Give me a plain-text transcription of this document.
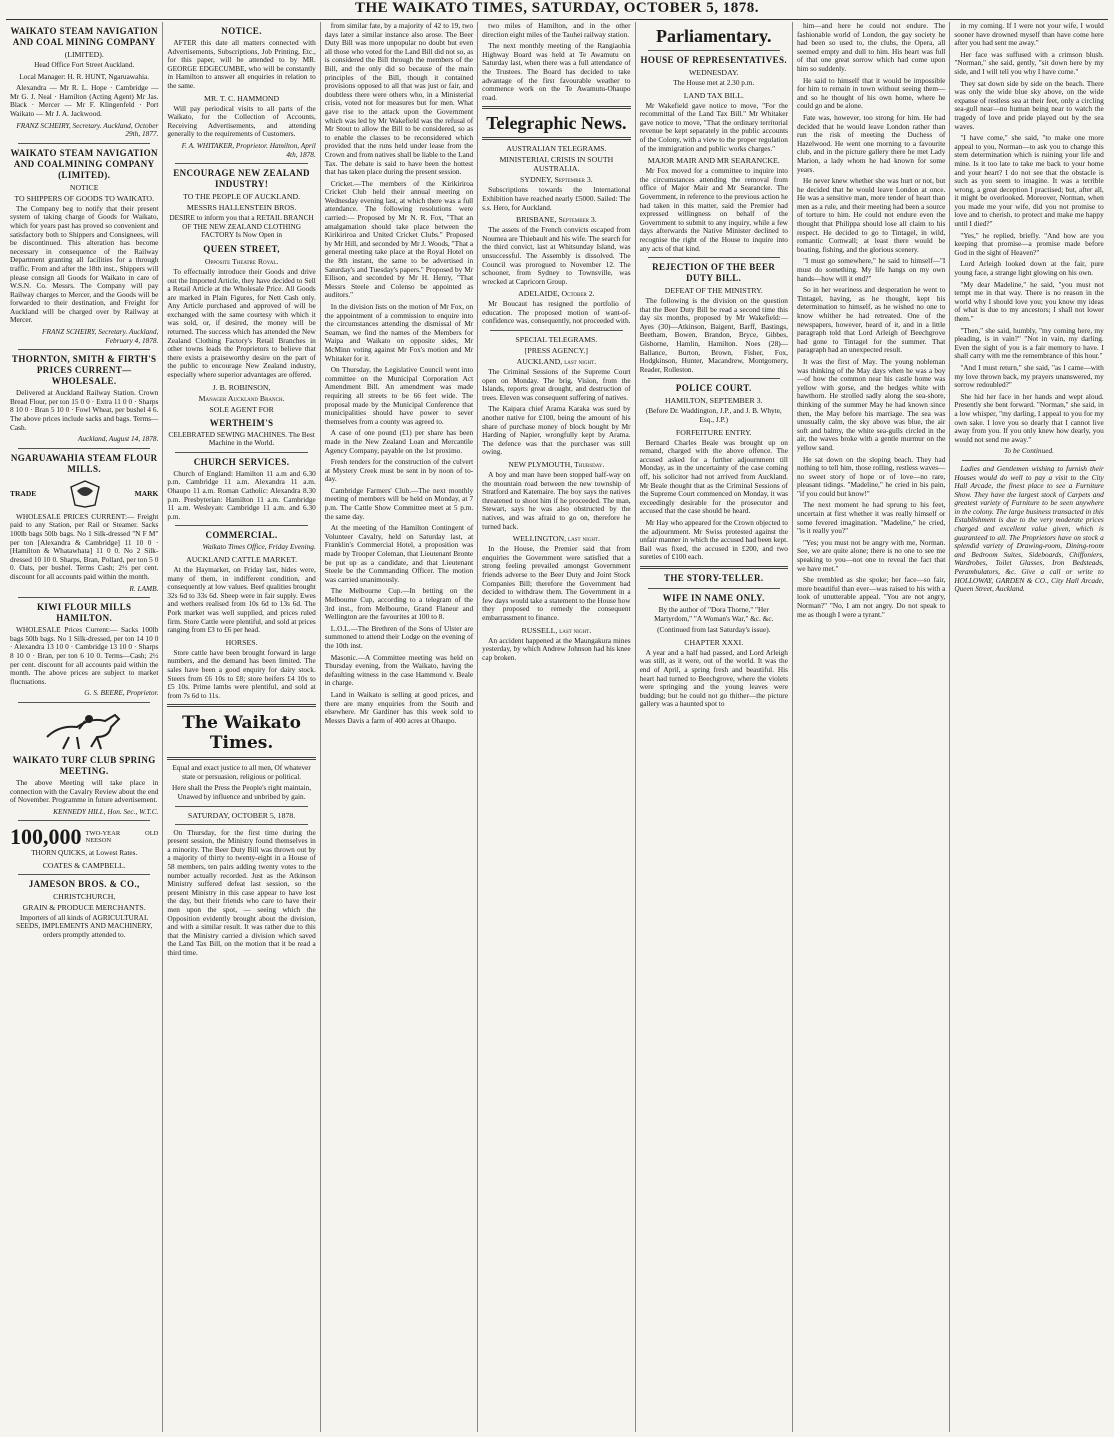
THE WAIKATO TIMES, SATURDAY, OCTOBER 5, 1878.
WAIKATO STEAM NAVIGATION AND COAL MINING COMPANY
(LIMITED).

Head Office Fort Street Auckland.

Local Manager: H. R. HUNT, Ngaruawahia.

Alexandra — Mr R. L. Hope · Cambridge — Mr G. J. Neal · Hamilton (Acting Agent) Mr Jas. Black · Mercer — Mr F. Klingenfeld · Port Waikato — Mr J. A. Jackwood.

FRANZ SCHEIRY, Secretary. Auckland, October 29th, 1877.

WAIKATO STEAM NAVIGATION AND COALMINING COMPANY (LIMITED).
NOTICE
TO SHIPPERS OF GOODS TO WAIKATO.

The Company beg to notify that their present system of taking charge of Goods for Waikato, which for years past has proved so convenient and satisfactory both to Shippers and Consignees, will be discontinued. This alteration has become necessary in consequence of the Railway Department granting all facilities for a through traffic. From and after the 18th inst., Shippers will please consign all Goods for Waikato in care of W.S.N. Co. Messrs. The Company will pay Railway charges to Mercer, and the Goods will be forwarded to their destination, and Freight for Auckland will be charged over by Railway at Mercer.

FRANZ SCHEIRY, Secretary. Auckland, February 4, 1878.

THORNTON, SMITH & FIRTH'S PRICES CURRENT—WHOLESALE.

Delivered at Auckland Railway Station. Crown Bread Flour, per ton 15 0 0 · Extra 11 0 0 · Sharps 8 10 0 · Bran 5 10 0 · Fowl Wheat, per bushel 4 6. The above prices include sacks and bags. Terms—Cash.

Auckland, August 14, 1878.

NGARUAWAHIA STEAM FLOUR MILLS.
TRADE	MARK

WHOLESALE PRICES CURRENT:— Freight paid to any Station, per Rail or Steamer. Sacks 100lb bags 50lb bags. No 1 Silk-dressed "N F M" per ton [Alexandra & Cambridge] 11 10 0 · [Hamilton & Whatawhata] 11 0 0. No 2 Silk-dressed 10 10 0. Sharps, Bran, Pollard, per ton 5 0 0. Oats, per bushel. Terms Cash; 2½ per cent. discount for all accounts paid within the month.

R. LAMB.

KIWI FLOUR MILLS HAMILTON.

WHOLESALE Prices Current:— Sacks 100lb bags 50lb bags. No 1 Silk-dressed, per ton 14 10 0 · Alexandra 13 10 0 · Cambridge 13 10 0 · Sharps 8 10 0 · Bran, per ton 6 10 0. Terms—Cash; 2½ per cent. discount for all accounts paid within the month. The above prices are subject to market fluctuations.

G. S. BEERE, Proprietor.

WAIKATO TURF CLUB SPRING MEETING.

The above Meeting will take place in connection with the Cavalry Review about the end of November. Programme in future advertisement.

KENNEDY HILL, Hon. Sec., W.T.C.

100,000 TWO-YEAR OLD NEESON

THORN QUICKS, at Lowest Rates.

COATES & CAMPBELL.
JAMESON BROS. & CO.,
CHRISTCHURCH,
GRAIN & PRODUCE MERCHANTS.

Importers of all kinds of AGRICULTURAL SEEDS, IMPLEMENTS AND MACHINERY, orders promptly attended to.

NOTICE.

AFTER this date all matters connected with Advertisements, Subscriptions, Job Printing, Etc., for this paper, will be attended to by MR. GEORGE EDGECUMBE, who will be constantly in Hamilton to answer all enquiries in relation to the same.

MR. T. C. HAMMOND

Will pay periodical visits to all parts of the Waikato, for the Collection of Accounts, Receiving Advertisements, and attending generally to the requirements of Customers.

F. A. WHITAKER, Proprietor. Hamilton, April 4th, 1878.

ENCOURAGE NEW ZEALAND INDUSTRY!
TO THE PEOPLE OF AUCKLAND.
MESSRS HALLENSTEIN BROS.

DESIRE to inform you that a RETAIL BRANCH OF THE NEW ZEALAND CLOTHING FACTORY Is Now Open in

QUEEN STREET,
Opposite Theatre Royal.

To effectually introduce their Goods and drive out the Imported Article, they have decided to Sell a Retail Article at the Wholesale Price. All Goods are marked in Plain Figures, for Nett Cash only. Any Article purchased and approved of will be exchanged with the same courtesy with which it was sold, or, if desired, the money will be returned. The success which has attended the New Zealand Clothing Factory's Retail Branches in other towns leads the Proprietors to believe that there exists a praiseworthy desire on the part of the public to encourage New Zealand industry, especially where superior advantages are offered.

J. B. ROBINSON,
Manager Auckland Branch.
SOLE AGENT FOR
WERTHEIM'S

CELEBRATED SEWING MACHINES. The Best Machine in the World.

CHURCH SERVICES.

Church of England: Hamilton 11 a.m and 6.30 p.m. Cambridge 11 a.m. Alexandra 11 a.m. Ohaupo 11 a.m. Roman Catholic: Alexandra 8.30 p.m. Presbyterian: Hamilton 11 a.m. Cambridge 11 a.m. Wesleyan: Cambridge 11 a.m. and 6.30 p.m.

COMMERCIAL.

Waikato Times Office, Friday Evening.

AUCKLAND CATTLE MARKET.

At the Haymarket, on Friday last, hides were, many of them, in indifferent condition, and consequently at low values. Beef qualities brought 32s 6d to 33s 6d. Sheep were in fair supply. Ewes and wethers realised from 10s 6d to 13s 6d. The Pork market was well supplied, and prices ruled firm. Store Cattle were plentiful, and sold at prices ranging from £3 to £6 per head.

HORSES.

Store cattle have been brought forward in large numbers, and the demand has been limited. The sales have been a good enquiry for dairy stock. Steers from £6 10s to £8; store heifers £4 10s to £5 10s. Prime lambs were plentiful, and sold at from 7s 6d to 11s.

The Waikato Times.

Equal and exact justice to all men, Of whatever state or persuasion, religious or political.

Here shall the Press the People's right maintain, Unawed by influence and unbribed by gain.

SATURDAY, OCTOBER 5, 1878.

On Thursday, for the first time during the present session, the Ministry found themselves in a minority. The Beer Duty Bill was thrown out by a majority of thirty to twenty-eight in a House of 58 members, ten pairs adding twenty votes to the number actually recorded. Just as the Atkinson Ministry suffered defeat last session, so the present Ministry in this case appear to have lost the day, but their friends who care to have their men upon the spot, — seeing which the Opposition evidently brought about the division, and with a similar result. It was rather due to this that the Ministry carried a division which saved the Land Tax Bill, on the motion that it be read a third time.

from similar fate, by a majority of 42 to 19, two days later a similar instance also arose. The Beer Duty Bill was more unpopular no doubt but even all those who voted for the Land Bill did not so, as is considered the Bill through the members of the Bill, and the only did so because of the main principles of the Bill, though it contained provisions opposed to all that was just or fair, and doubtless there were others who, in a Ministerial crisis, voted not for measures but for men. What gave rise to the attack upon the Government which was led by Mr Wakefield was the refusal of Mr Stout to allow the Bill to be considered, so as to enable the classes to be reconsidered which provided that the runs held under lease from the Crown and from natives shall be liable to the Land Tax. The debate is said to have been the hottest that has taken place during the present session.

Cricket.—The members of the Kirikiriroa Cricket Club held their annual meeting on Wednesday evening last, at which there was a full attendance. The following resolutions were carried:— Proposed by Mr N. R. Fox, "That an amalgamation should take place between the Kirikiriroa and United Cricket Clubs." Proposed by Mr Hill, and seconded by Mr J. Woods, "That a general meeting take place at the Royal Hotel on the 8th instant, the same to be advertised in Saturday's and Tuesday's papers." Proposed by Mr Ellison, and seconded by Mr H. Henry, "That Messrs Steele and Colenso be appointed as auditors."

In the division lists on the motion of Mr Fox, on the appointment of a commission to enquire into the circumstances attending the dismissal of Mr Seaman, we find the names of the Members for Waipa and Waikato on opposite sides, Mr McMinn voting against Mr Fox's motion and Mr Whitaker for it.

On Thursday, the Legislative Council went into committee on the Municipal Corporation Act Amendment Bill. An amendment was made requiring all streets to be 66 feet wide. The proposal made by the Municipal Conference that municipalities should have power to sever themselves from a county was agreed to.

A case of one pound (£1) per share has been made in the New Zealand Loan and Mercantile Agency Company, payable on the 1st proximo.

Fresh tenders for the construction of the culvert at Mystery Creek must be sent in by noon of to-day.

Cambridge Farmers' Club.—The next monthly meeting of members will be held on Monday, at 7 p.m. The Cattle Show Committee meet at 5 p.m. the same day.

At the meeting of the Hamilton Contingent of Volunteer Cavalry, held on Saturday last, at Franklin's Commercial Hotel, a proposition was made by Trooper Coleman, that Lieutenant Bronte be put up as a candidate, and that Lieutenant Steele be the Commanding Officer. The motion was carried unanimously.

The Melbourne Cup.—In betting on the Melbourne Cup, according to a telegram of the 3rd inst., from Melbourne, Grand Flaneur and Wellington are the favourites at 100 to 8.

L.O.L.—The Brethren of the Sons of Ulster are summoned to attend their Lodge on the evening of the 10th inst.

Masonic.—A Committee meeting was held on Thursday evening, from the Waikato, having the defaulting witness in the case Hammond v. Beale in charge.

Land in Waikato is selling at good prices, and there are many enquiries from the South and elsewhere. Mr Gardiner has this week sold to Messrs Davis a farm of 400 acres at Ohaupo.

two miles of Hamilton, and in the other direction eight miles of the Tauhei railway station.

The next monthly meeting of the Rangiaohia Highway Board was held at Te Awamutu on Saturday last, when there was a full attendance of the Trustees. The Board has decided to take advantage of the first favourable weather to commence work on the Te Awamutu-Ohaupo road.

Telegraphic News.
AUSTRALIAN TELEGRAMS.
MINISTERIAL CRISIS IN SOUTH AUSTRALIA.
SYDNEY, September 3.

Subscriptions towards the International Exhibition have reached nearly £5000. Sailed: The s.s. Hero, for Auckland.

BRISBANE, September 3.

The assets of the French convicts escaped from Noumea are Thiebault and his wife. The search for the third convict, last at Whitsunday Island, was unsuccessful. The Assembly is dissolved. The Council was prorogued to November 12. The schooner, from Sydney to Townsville, was wrecked at Capricorn Group.

ADELAIDE, October 2.

Mr Boucaut has resigned the portfolio of education. The proposed motion of want-of-confidence was, consequently, not proceeded with.

SPECIAL TELEGRAMS.
[PRESS AGENCY.]
AUCKLAND, last night.

The Criminal Sessions of the Supreme Court open on Monday. The brig, Vision, from the Islands, reports great drought, and destruction of trees. Eleven was consequent suffering of natives.

The Kaipara chief Arama Karaka was sued by another native for £100, being the amount of his share of purchase money of block bought by Mr Harding of Napier, wrongfully kept by Arama. The defence was that the purchaser was still owing.

NEW PLYMOUTH, Thursday.

A boy and man have been stopped half-way on the mountain road between the new township of Stratford and Katemaire. The boy says the natives threatened to shoot him if he proceeded. The man, Stewart, says he was also obstructed by the natives, and was afraid to go on, therefore he turned back.

WELLINGTON, last night.

In the House, the Premier said that from enquiries the Government were satisfied that a strong feeling prevailed amongst Government friends adverse to the Beer Duty and Joint Stock Companies Bill; therefore the Government had decided to withdraw them. The Government in a few days would take a statement to the House how they proposed to remedy the consequent embarrassment to finance.

RUSSELL, last night.

An accident happened at the Maungakura mines yesterday, by which Andrew Johnson had his knee cap broken.

Parliamentary.
HOUSE OF REPRESENTATIVES.
WEDNESDAY.

The House met at 2.30 p.m.

LAND TAX BILL.

Mr Wakefield gave notice to move, "For the recommittal of the Land Tax Bill." Mr Whitaker gave notice to move, "That the ordinary territorial revenue be kept separately in the public accounts of the Colony, with a view to the proper regulation of the immigration and public works charges."

MAJOR MAIR AND MR SEARANCKE.

Mr Fox moved for a committee to inquire into the circumstances attending the removal from office of Major Mair and Mr Searancke. The Government, in reference to the previous action he had taken in this matter, said the Premier had expressed willingness on behalf of the Government to submit to any inquiry, while a few days afterwards the Native Minister declined to recognise the right of the House to inquire into any acts of that kind.

REJECTION OF THE BEER DUTY BILL.
DEFEAT OF THE MINISTRY.

The following is the division on the question that the Beer Duty Bill be read a second time this day six months, proposed by Mr Wakefield:— Ayes (30)—Atkinson, Baigent, Barff, Bastings, Beetham, Bowen, Brandon, Bryce, Gibbes, Gisborne, Hamlin, Hamilton. Noes (28)—Ballance, Burton, Brown, Fisher, Fox, Hodgkinson, Hunter, Macandrew, Montgomery, Reader, Rolleston.

POLICE COURT.
HAMILTON, SEPTEMBER 3.

(Before Dr. Waddington, J.P., and J. B. Whyte, Esq., J.P.)

FORFEITURE ENTRY.

Bernard Charles Beale was brought up on remand, charged with the above offence. The accused asked for a further adjournment till Monday, as in the uncertainty of the case coming off, his solicitor had not arrived from Auckland. Mr Beale thought that as the Criminal Sessions of the Supreme Court commenced on Monday, it was exceedingly desirable for the prosecutor and accused that the case should be heard.

Mr Hay who appeared for the Crown objected to the adjournment. Mr Swiss protested against the unfair manner in which the accused had been kept. Bail was fixed, the accused in £200, and two sureties of £100 each.

THE STORY-TELLER.
WIFE IN NAME ONLY.

By the author of "Dora Thorne," "Her Martyrdom," "A Woman's War," &c. &c.

(Continued from last Saturday's issue).

CHAPTER XXXI.

A year and a half had passed, and Lord Arleigh was still, as it were, out of the world. It was the end of April, a spring fresh and beautiful. His heart had turned to Beechgrove, where the violets were springing and the young leaves were budding; but he could not go thither—the picture gallery was a haunted spot to

him—and here he could not endure. The fashionable world of London, the gay society he had been so used to, the clubs, the Opera, all seemed empty and dull to him. His heart was full of that one great sorrow which had come upon him so suddenly.

He said to himself that it would be impossible for him to remain in town without seeing them—and so he thought of his own home, where he could go and be alone.

Fate was, however, too strong for him. He had decided that he would leave London rather than run the risk of meeting the Duchess of Hazelwood. He went one morning to a favourite club, and in the picture gallery there he met Lady Marion, a lady whom he had known for some years.

He never knew whether she was hurt or not, but he decided that he would leave London at once. He was a sensitive man, more tender of heart than men as a rule, and their meeting had been a source of torture to him. He could not endure even the thought that Philippa should lose all claim to his respect. He decided to go to Tintagel, in wild, romantic Cornwall; at least there would be boating, fishing, and the glorious scenery.

"I must go somewhere," he said to himself—"I must do something. My life hangs on my own hands—how will it end?"

So in her weariness and desperation he went to Tintagel, having, as he thought, kept his determination to himself, as he wished no one to know whither he had retreated. One of the newspapers, however, heard of it, and in a little paragraph told that Lord Arleigh of Beechgrove had gone to Tintagel for the summer. That paragraph had an unexpected result.

It was the first of May. The young nobleman was thinking of the May days when he was a boy—of how the common near his castle home was yellow with gorse, and the hedges white with hawthorn. He strolled sadly along the sea-shore, thinking of the summer May he had known since then, the May before his marriage. The sea was unusually calm, the sky above was blue, the air soft and balmy, the white sea-gulls circled in the air, the waves broke with a gentle murmur on the yellow sand.

He sat down on the sloping beach. They had nothing to tell him, those rolling, restless waves—no sweet story of hope or of love—no rare, pleasant tidings. "Madeline," he cried in his pain, "if you could but know!"

The next moment he had sprung to his feet, uncertain at first whether it was really himself or some fevered imagination. "Madeline," he cried, "is it really you?"

"Yes; you must not be angry with me, Norman. See, we are quite alone; there is no one to see me speaking to you—not one to reveal the fact that we have met."

She trembled as she spoke; her face—so fair, more beautiful than ever—was raised to his with a look of unutterable appeal. "You are not angry, Norman?" "No, I am not angry. Do not speak to me as though I were a tyrant."

in my coming. If I were not your wife, I would sooner have drowned myself than have come here after you had sent me away."

Her face was suffused with a crimson blush. "Norman," she said, gently, "sit down here by my side, and I will tell you why I have come."

They sat down side by side on the beach. There was only the wide blue sky above, on the wide expanse of restless sea at their feet, only a circling sea-gull near—no human being near to watch the tragedy of love and pride played out by the sea waves.

"I have come," she said, "to make one more appeal to you, Norman—to ask you to change this stern determination which is ruining your life and mine. Is it too late to take me back to your home and your heart? I do not see that the obstacle is such as you seem to imagine. It was a terrible wrong, a great deception I practised; but, after all, it might be overlooked. Moreover, Norman, when you made me your wife, did you not promise to love and to cherish, to protect and make me happy until I died?"

"Yes," he replied, briefly. "And how are you keeping that promise—a promise made before God in the sight of Heaven?"

Lord Arleigh looked down at the fair, pure young face, a strange light glowing on his own.

"My dear Madeline," he said, "you must not tempt me in that way. There is no reason in the world why I should love you; you know my ideas of what is due to my ancestors; I shall not lower them."

"Then," she said, humbly, "my coming here, my pleading, is in vain?" "Not in vain, my darling. Even the sight of you is a fair memory to have. I shall carry with me the remembrance of this hour."

"And I must return," she said, "as I came—with my love thrown back, my prayers unanswered, my sorrow redoubled?"

She hid her face in her hands and wept aloud. Presently she bent forward. "Norman," she said, in a low whisper, "my darling, I appeal to you for my own sake. I love you so dearly that I cannot live away from you. If you only knew how dearly, you would not send me away."

To be Continued.

Ladies and Gentlemen wishing to furnish their Houses would do well to pay a visit to the City Hall Arcade, the finest place to see a Furniture Show. They have the largest stock of Carpets and greatest variety of Furniture to be seen anywhere in the colony. The large business transacted in this Establishment is due to the very moderate prices charged and excellent value given, which is guaranteed to all. The Proprietors have on stock a splendid variety of Drawing-room, Dining-room and Bedroom Suites, Sideboards, Chiffoniers, Wardrobes, Toilet Glasses, Iron Bedsteads, Perambulators, &c. Give a call or write to HOLLOWAY, GARDEN & CO., City Hall Arcade, Queen Street, Auckland.
